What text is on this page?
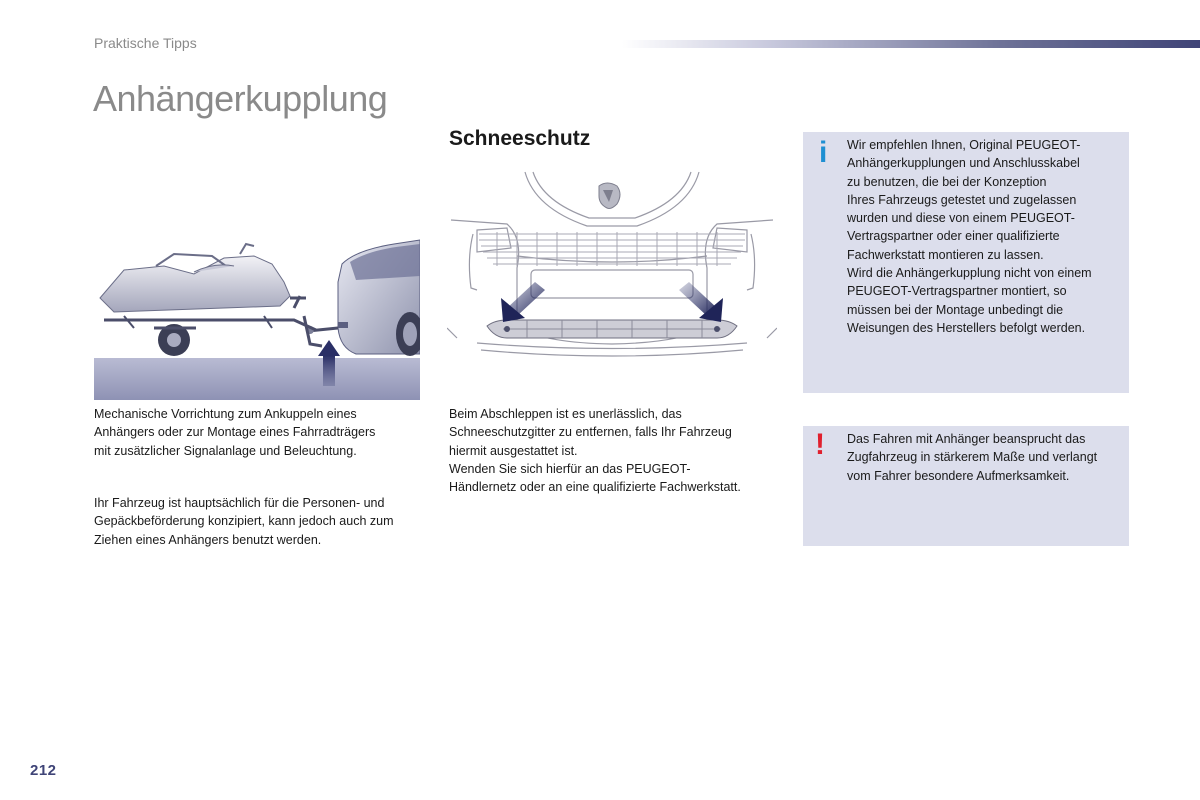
Praktische Tipps
Anhängerkupplung
Schneeschutz

Mechanische Vorrichtung zum Ankuppeln eines
Anhängers oder zur Montage eines Fahrradträgers
mit zusätzlicher Signalanlage und Beleuchtung.

Ihr Fahrzeug ist hauptsächlich für die Personen- und
Gepäckbeförderung konzipiert, kann jedoch auch zum
Ziehen eines Anhängers benutzt werden.

Beim Abschleppen ist es unerlässlich, das
Schneeschutzgitter zu entfernen, falls Ihr Fahrzeug
hiermit ausgestattet ist.
Wenden Sie sich hierfür an das PEUGEOT-
Händlernetz oder an eine qualifizierte Fachwerkstatt.

i Wir empfehlen Ihnen, Original PEUGEOT-
Anhängerkupplungen und Anschlusskabel
zu benutzen, die bei der Konzeption
Ihres Fahrzeugs getestet und zugelassen
wurden und diese von einem PEUGEOT-
Vertragspartner oder einer qualifizierte
Fachwerkstatt montieren zu lassen.
Wird die Anhängerkupplung nicht von einem
PEUGEOT-Vertragspartner montiert, so
müssen bei der Montage unbedingt die
Weisungen des Herstellers befolgt werden.
! Das Fahren mit Anhänger beansprucht das
Zugfahrzeug in stärkerem Maße und verlangt
vom Fahrer besondere Aufmerksamkeit.
212
